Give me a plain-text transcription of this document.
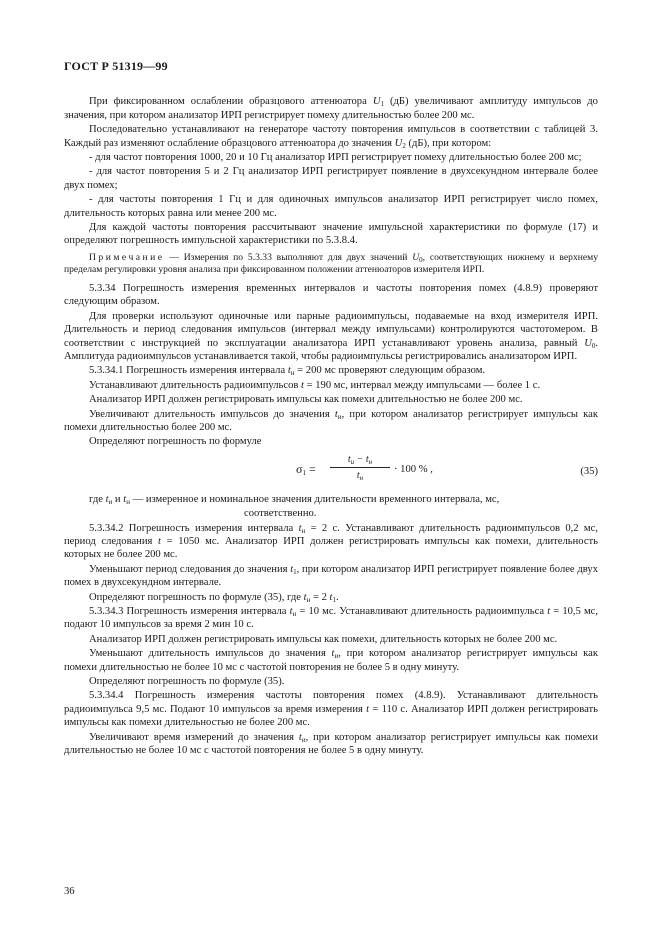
ГОСТ Р 51319—99

При фиксированном ослаблении образцового аттенюатора $U_1$ (дБ) увеличивают амплитуду импульсов до значения, при котором анализатор ИРП регистрирует помеху длительностью более 200 мс.

Последовательно устанавливают на генераторе частоту повторения импульсов в соответствии с таблицей 3. Каждый раз изменяют ослабление образцового аттенюатора до значения $U_2$ (дБ), при котором:

- для частот повторения 1000, 20 и 10 Гц анализатор ИРП регистрирует помеху длительностью более 200 мс;

- для частот повторения 5 и 2 Гц анализатор ИРП регистрирует появление в двухсекундном интервале более двух помех;

- для частоты повторения 1 Гц и для одиночных импульсов анализатор ИРП регистрирует число помех, длительность которых равна или менее 200 мс.

Для каждой частоты повторения рассчитывают значение импульсной характеристики по формуле (17) и определяют погрешность импульсной характеристики по 5.3.8.4.

Примечание — Измерения по 5.3.33 выполняют для двух значений $U_0$, соответствующих нижнему и верхнему пределам регулировки уровня анализа при фиксированном положении аттенюаторов измерителя ИРП.

5.3.34 Погрешность измерения временных интервалов и частоты повторения помех (4.8.9) проверяют следующим образом.

Для проверки используют одиночные или парные радиоимпульсы, подаваемые на вход измерителя ИРП. Длительность и период следования импульсов (интервал между импульсами) контролируются частотомером. В соответствии с инструкцией по эксплуатации анализатора ИРП устанавливают уровень анализа, равный $U_0$. Амплитуда радиоимпульсов устанавливается такой, чтобы радиоимпульсы регистрировались анализатором ИРП.

5.3.34.1 Погрешность измерения интервала $t_н = 200$ мс проверяют следующим образом.

Устанавливают длительность радиоимпульсов t = 190 мс, интервал между импульсами — более 1 с.

Анализатор ИРП должен регистрировать импульсы как помехи длительностью не более 200 мс.

Увеличивают длительность импульсов до значения $t_и$, при котором анализатор регистрирует импульсы как помехи длительностью более 200 мс.

Определяют погрешность по формуле

$\sigma_1$ =
$t_и - t_н$
$t_н$
· 100 % ,	(35)

где $t_и$ и $t_н$ — измеренное и номинальное значения длительности временного интервала, мс,

соответственно.

5.3.34.2 Погрешность измерения интервала $t_н = 2$ с. Устанавливают длительность радиоимпульсов 0,2 мс, период следования t = 1050 мс. Анализатор ИРП должен регистрировать импульсы как помехи, длительность которых не более 200 мс.

Уменьшают период следования до значения $t_1$, при котором анализатор ИРП регистрирует появление более двух помех в двухсекундном интервале.

Определяют погрешность по формуле (35), где $t_н = 2$ $t_1$.

5.3.34.3 Погрешность измерения интервала $t_н = 10$ мс. Устанавливают длительность радиоимпульса t = 10,5 мс, подают 10 импульсов за время 2 мин 10 с.

Анализатор ИРП должен регистрировать импульсы как помехи, длительность которых не более 200 мс.

Уменьшают длительность импульсов до значения $t_и$, при котором анализатор регистрирует импульсы как помехи длительностью не более 10 мс с частотой повторения не более 5 в одну минуту.

Определяют погрешность по формуле (35).

5.3.34.4 Погрешность измерения частоты повторения помех (4.8.9). Устанавливают длительность радиоимпульса 9,5 мс. Подают 10 импульсов за время измерения t = 110 с. Анализатор ИРП должен регистрировать импульсы как помехи длительностью не более 200 мс.

Увеличивают время измерений до значения $t_и$, при котором анализатор регистрирует импульсы как помехи длительностью не более 10 мс с частотой повторения не более 5 в одну минуту.

36
